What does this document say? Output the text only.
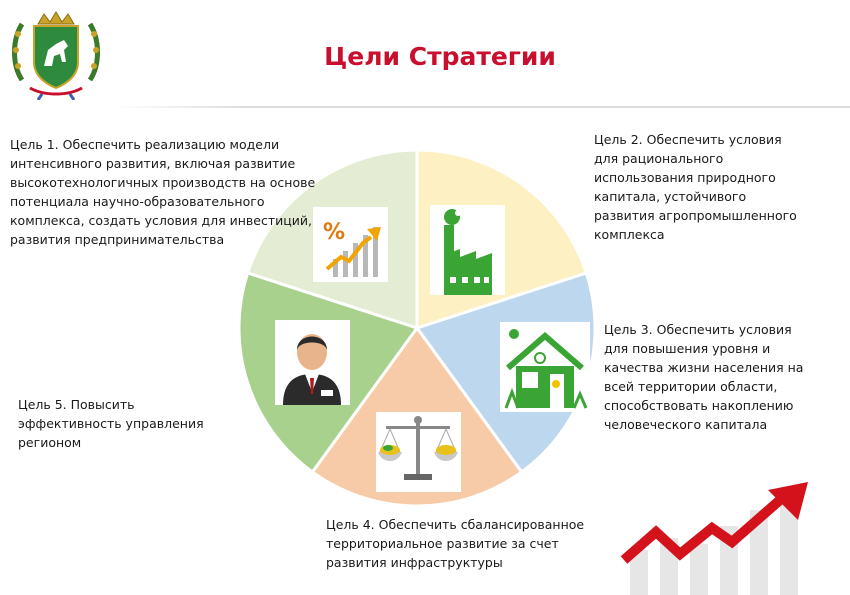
Цели Стратегии
%
Цель 1. Обеспечить реализацию модели интенсивного развития, включая развитие высокотехнологичных производств на основе потенциала научно-образовательного комплекса, создать условия для инвестиций, развития предпринимательства
Цель 2. Обеспечить условия для рационального использования природного капитала, устойчивого развития агропромышленного комплекса
Цель 3. Обеспечить условия для повышения уровня и качества жизни населения на всей территории области, способствовать накоплению человеческого капитала
Цель 4. Обеспечить сбалансированное территориальное развитие за счет развития инфраструктуры
Цель 5. Повысить эффективность управления регионом
